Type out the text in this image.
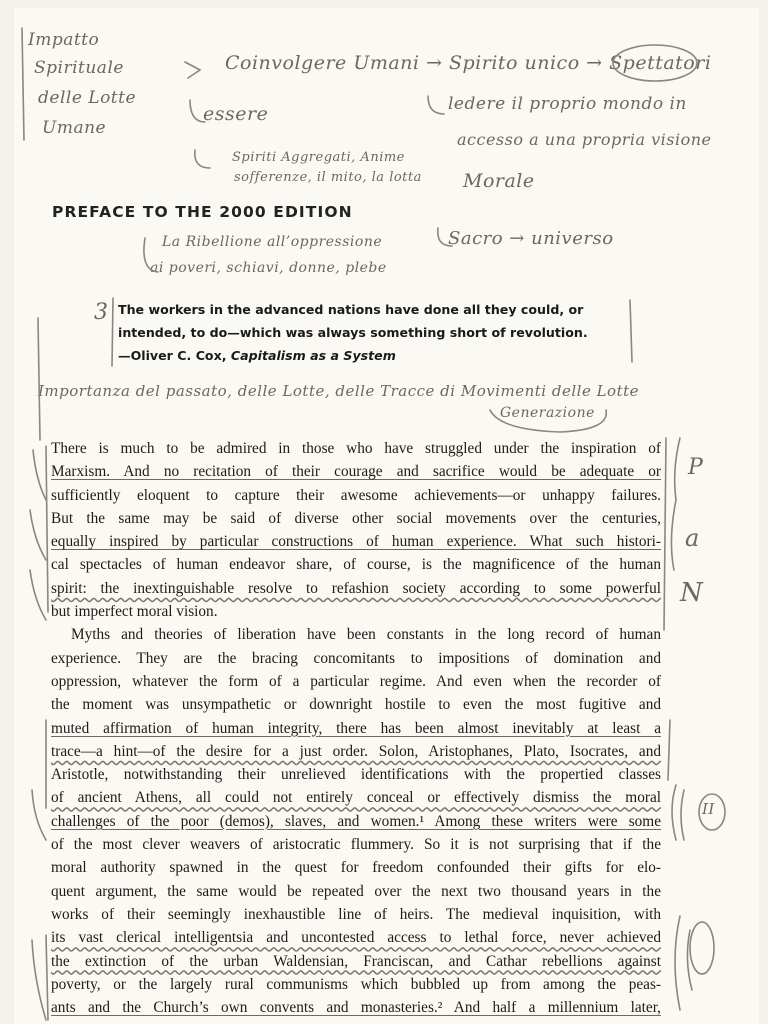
Impatto
Spirituale
delle Lotte
Umane
Coinvolgere Umani → Spirito unico → Spettatori
essere	ledere il proprio mondo in
Spiriti Aggregati, Anime
sofferenze, il mito, la lotta
accesso a una propria visione
Morale
La Ribellione all’oppressione	Sacro → universo
ai poveri, schiavi, donne, plebe
3
Importanza del passato, delle Lotte, delle Tracce di Movimenti delle Lotte
Generazione
P
a
N
II
PREFACE TO THE 2000 EDITION
The workers in the advanced nations have done all they could, or
intended, to do—which was always something short of revolution.
—Oliver C. Cox, Capitalism as a System
There is much to be admired in those who have struggled under the inspiration of
Marxism. And no recitation of their courage and sacrifice would be adequate or
sufficiently eloquent to capture their awesome achievements—or unhappy failures.
But the same may be said of diverse other social movements over the centuries,
equally inspired by particular constructions of human experience. What such histori-
cal spectacles of human endeavor share, of course, is the magnificence of the human
spirit: the inextinguishable resolve to refashion society according to some powerful
but imperfect moral vision.
Myths and theories of liberation have been constants in the long record of human
experience. They are the bracing concomitants to impositions of domination and
oppression, whatever the form of a particular regime. And even when the recorder of
the moment was unsympathetic or downright hostile to even the most fugitive and
muted affirmation of human integrity, there has been almost inevitably at least a
trace—a hint—of the desire for a just order. Solon, Aristophanes, Plato, Isocrates, and
Aristotle, notwithstanding their unrelieved identifications with the propertied classes
of ancient Athens, all could not entirely conceal or effectively dismiss the moral
challenges of the poor (demos), slaves, and women.¹ Among these writers were some
of the most clever weavers of aristocratic flummery. So it is not surprising that if the
moral authority spawned in the quest for freedom confounded their gifts for elo-
quent argument, the same would be repeated over the next two thousand years in the
works of their seemingly inexhaustible line of heirs. The medieval inquisition, with
its vast clerical intelligentsia and uncontested access to lethal force, never achieved
the extinction of the urban Waldensian, Franciscan, and Cathar rebellions against
poverty, or the largely rural communisms which bubbled up from among the peas-
ants and the Church’s own convents and monasteries.² And half a millennium later,
